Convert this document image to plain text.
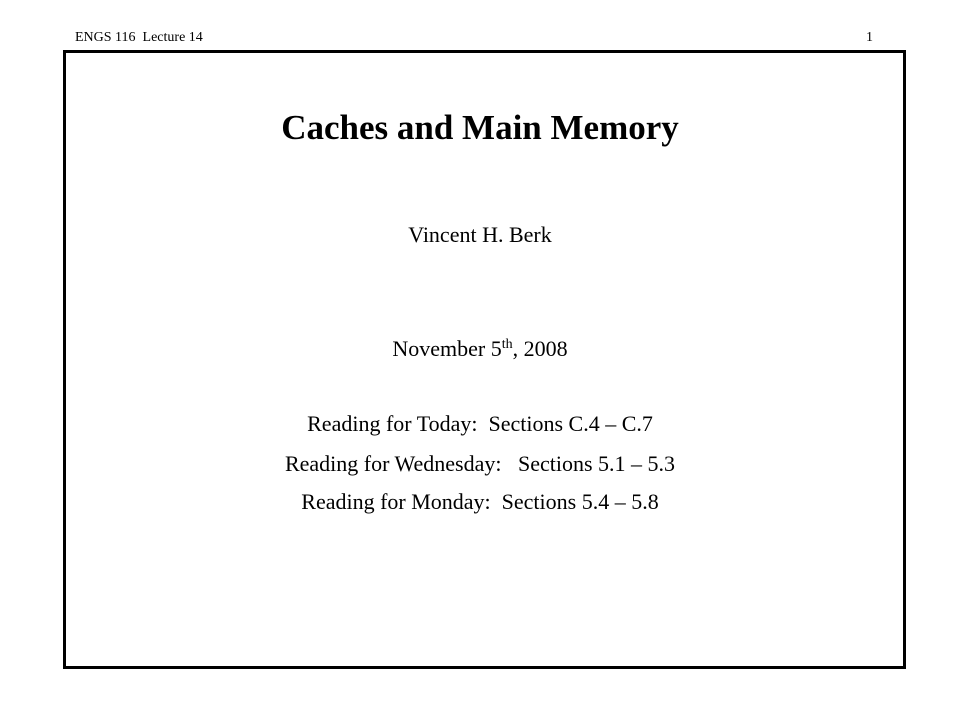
ENGS 116  Lecture 14	1
Caches and Main Memory
Vincent H. Berk
November 5th, 2008
Reading for Today:  Sections C.4 – C.7
Reading for Wednesday:   Sections 5.1 – 5.3
Reading for Monday:  Sections 5.4 – 5.8
